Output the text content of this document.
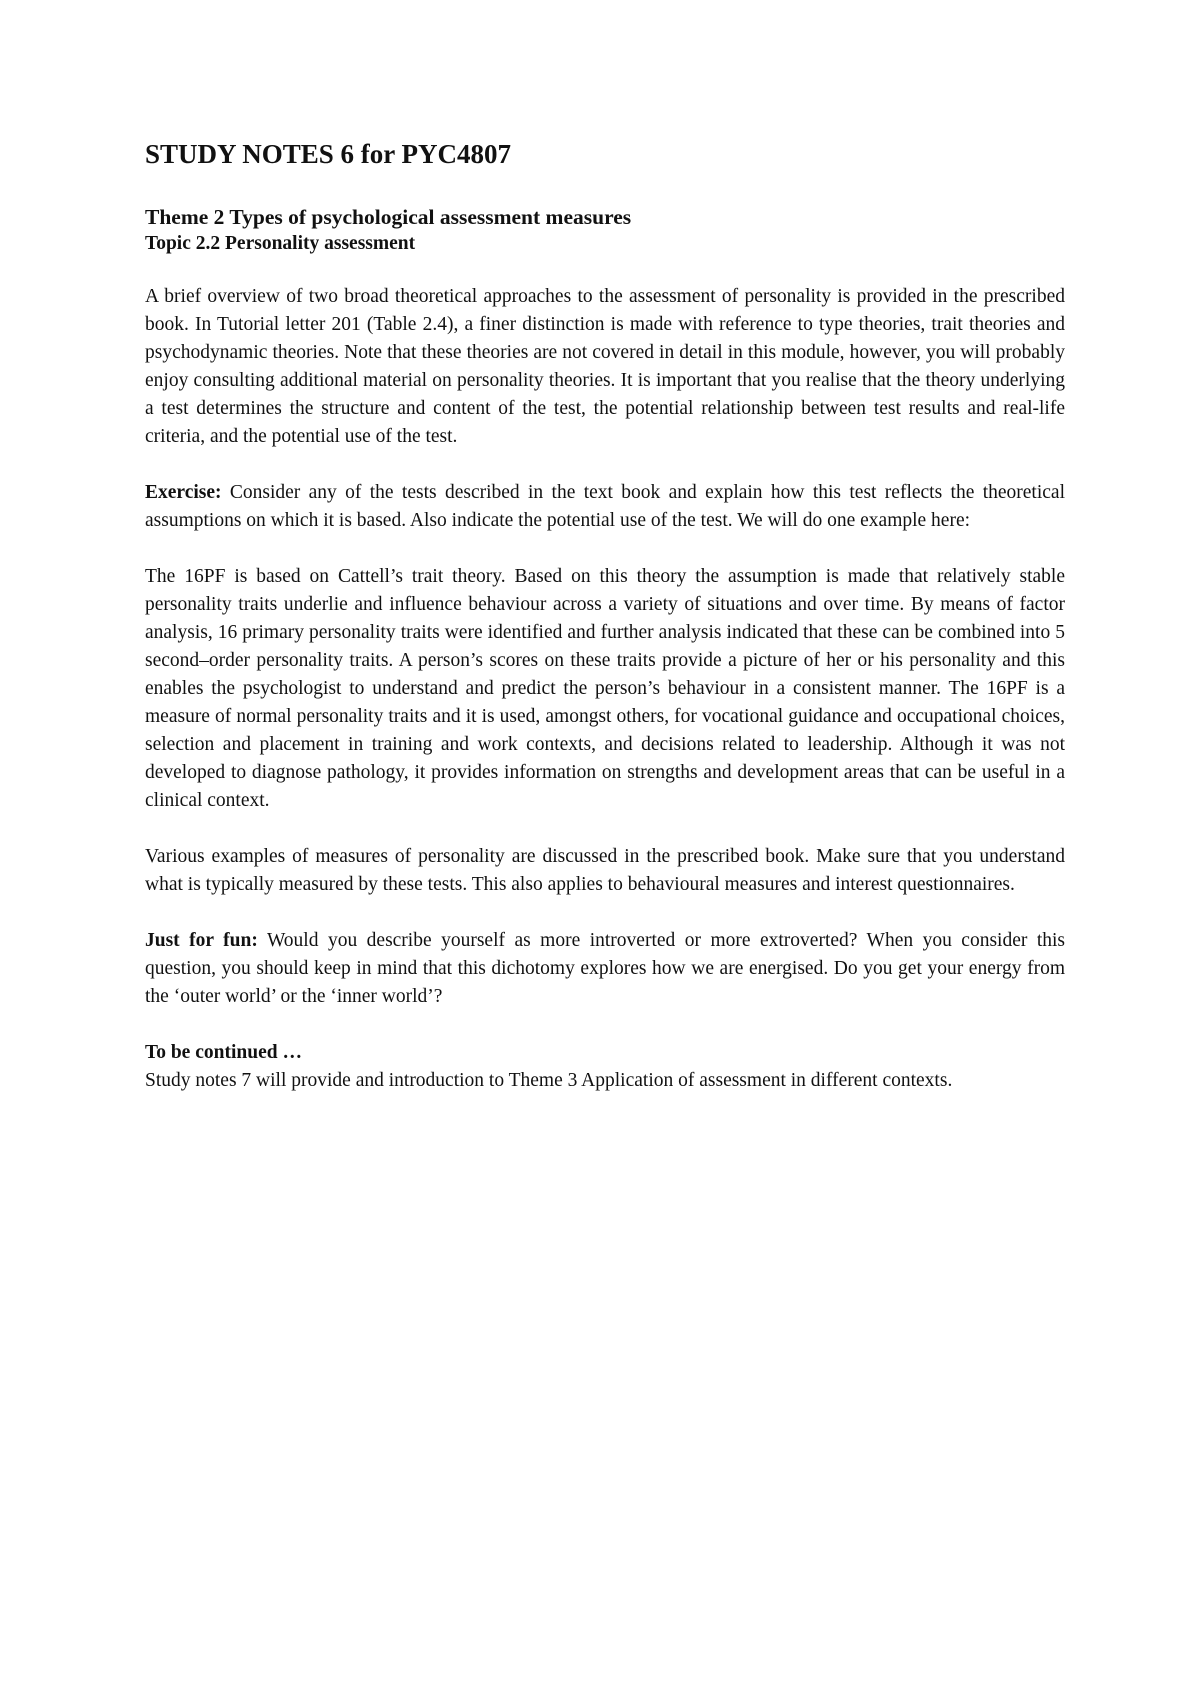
STUDY NOTES 6 for PYC4807
Theme 2 Types of psychological assessment measures
Topic 2.2 Personality assessment

A brief overview of two broad theoretical approaches to the assessment of personality is provided in the prescribed book. In Tutorial letter 201 (Table 2.4), a finer distinction is made with reference to type theories, trait theories and psychodynamic theories. Note that these theories are not covered in detail in this module, however, you will probably enjoy consulting additional material on personality theories. It is important that you realise that the theory underlying a test determines the structure and content of the test, the potential relationship between test results and real-life criteria, and the potential use of the test.

Exercise: Consider any of the tests described in the text book and explain how this test reflects the theoretical assumptions on which it is based. Also indicate the potential use of the test. We will do one example here:

The 16PF is based on Cattell’s trait theory. Based on this theory the assumption is made that relatively stable personality traits underlie and influence behaviour across a variety of situations and over time. By means of factor analysis, 16 primary personality traits were identified and further analysis indicated that these can be combined into 5 second–order personality traits. A person’s scores on these traits provide a picture of her or his personality and this enables the psychologist to understand and predict the person’s behaviour in a consistent manner. The 16PF is a measure of normal personality traits and it is used, amongst others, for vocational guidance and occupational choices, selection and placement in training and work contexts, and decisions related to leadership. Although it was not developed to diagnose pathology, it provides information on strengths and development areas that can be useful in a clinical context.

Various examples of measures of personality are discussed in the prescribed book. Make sure that you understand what is typically measured by these tests. This also applies to behavioural measures and interest questionnaires.

Just for fun: Would you describe yourself as more introverted or more extroverted? When you consider this question, you should keep in mind that this dichotomy explores how we are energised. Do you get your energy from the ‘outer world’ or the ‘inner world’?

To be continued …

Study notes 7 will provide and introduction to Theme 3 Application of assessment in different contexts.
